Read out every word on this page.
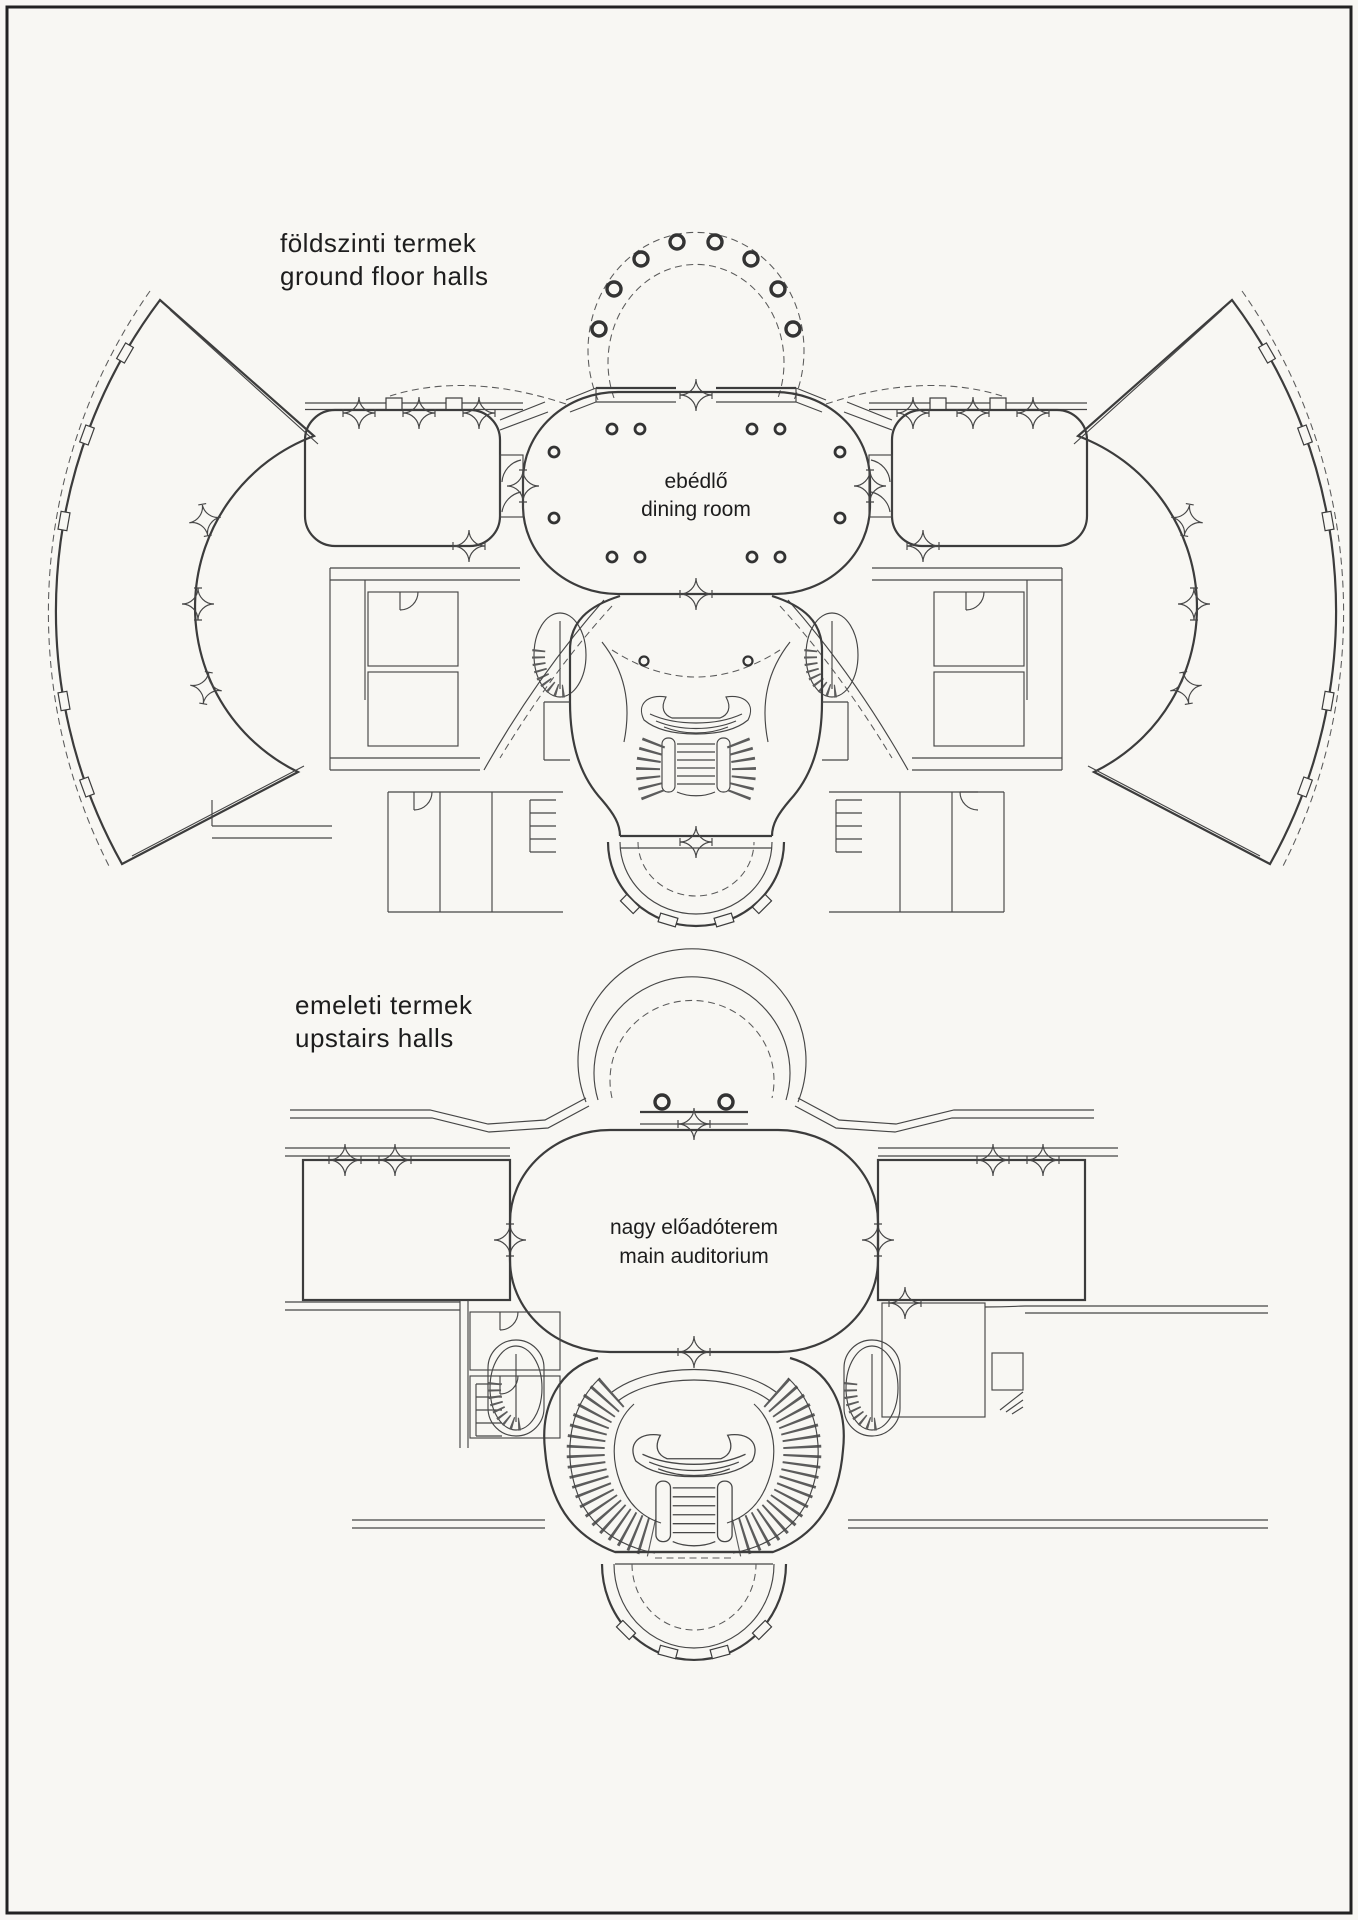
földszinti termek
ground floor halls
ebédlő
dining room
emeleti termek
upstairs halls
nagy előadóterem
main auditorium
